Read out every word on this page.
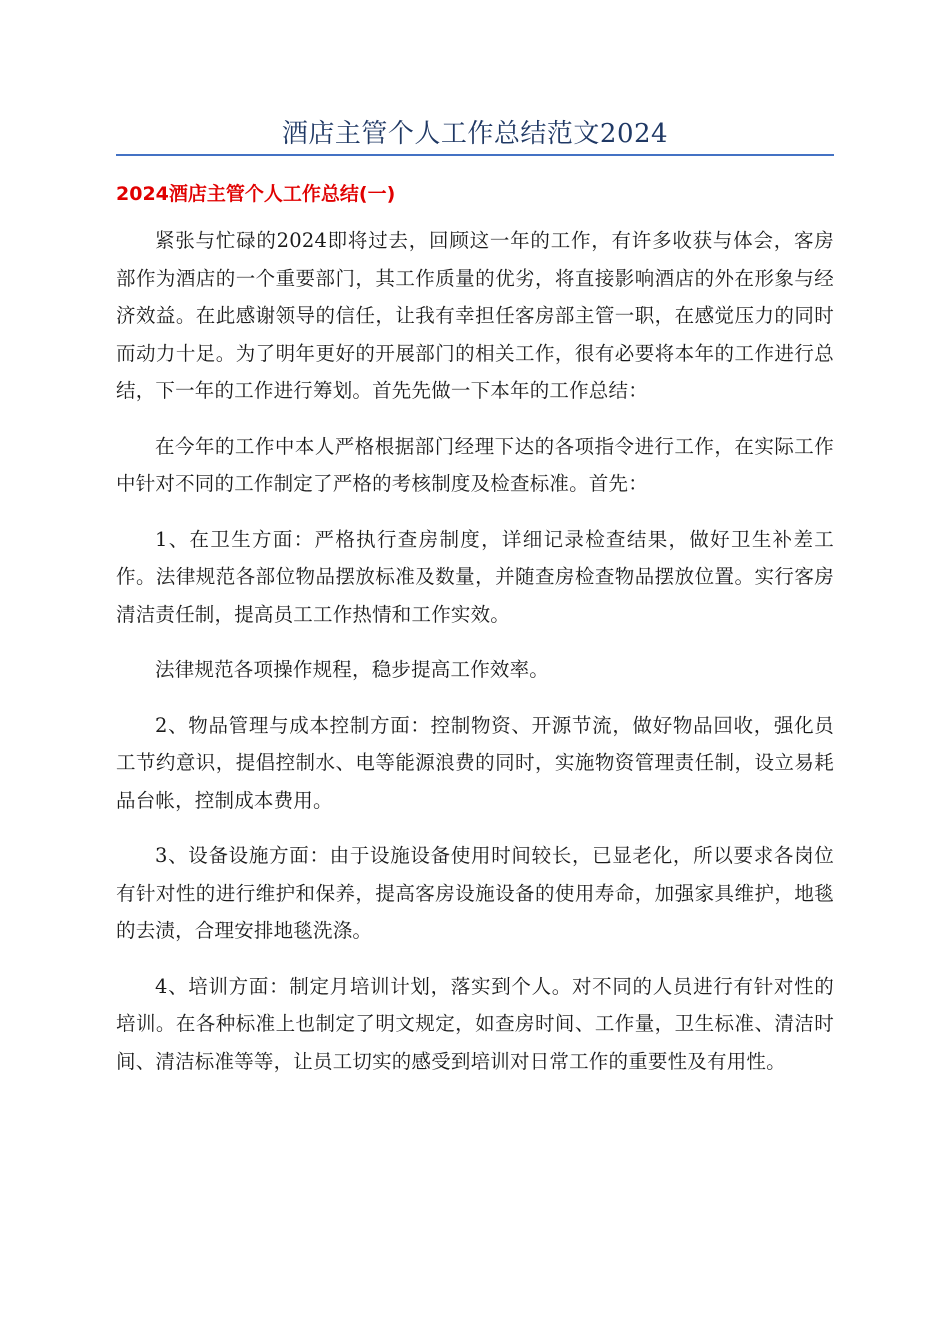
酒店主管个人工作总结范文2024
2024酒店主管个人工作总结(一)

紧张与忙碌的2024即将过去，回顾这一年的工作，有许多收获与体会，客房部作为酒店的一个重要部门，其工作质量的优劣，将直接影响酒店的外在形象与经济效益。在此感谢领导的信任，让我有幸担任客房部主管一职，在感觉压力的同时而动力十足。为了明年更好的开展部门的相关工作，很有必要将本年的工作进行总结，下一年的工作进行筹划。首先先做一下本年的工作总结：

在今年的工作中本人严格根据部门经理下达的各项指令进行工作，在实际工作中针对不同的工作制定了严格的考核制度及检查标准。首先：

1、在卫生方面：严格执行查房制度，详细记录检查结果，做好卫生补差工作。法律规范各部位物品摆放标准及数量，并随查房检查物品摆放位置。实行客房清洁责任制，提高员工工作热情和工作实效。

法律规范各项操作规程，稳步提高工作效率。

2、物品管理与成本控制方面：控制物资、开源节流，做好物品回收，强化员工节约意识，提倡控制水、电等能源浪费的同时，实施物资管理责任制，设立易耗品台帐，控制成本费用。

3、设备设施方面：由于设施设备使用时间较长，已显老化，所以要求各岗位有针对性的进行维护和保养，提高客房设施设备的使用寿命，加强家具维护，地毯的去渍，合理安排地毯洗涤。

4、培训方面：制定月培训计划，落实到个人。对不同的人员进行有针对性的培训。在各种标准上也制定了明文规定，如查房时间、工作量，卫生标准、清洁时间、清洁标准等等，让员工切实的感受到培训对日常工作的重要性及有用性。
